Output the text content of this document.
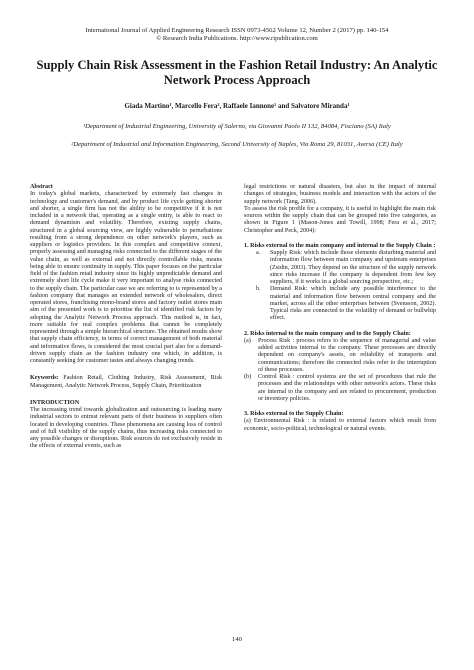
International Journal of Applied Engineering Research ISSN 0973-4562 Volume 12, Number 2 (2017) pp. 140-154
© Research India Publications. http://www.ripublication.com
Supply Chain Risk Assessment in the Fashion Retail Industry: An Analytic Network Process Approach
Giada Martino¹, Marcello Fera², Raffaele Iannone¹ and Salvatore Miranda¹
¹Department of Industrial Engineering, University of Salerno, via Giovanni Paolo II 132, 84084, Fisciano (SA) Italy
²Department of Industrial and Information Engineering, Second University of Naples, Via Roma 29, 81031, Aversa (CE) Italy

Abstract

In today's global markets, characterized by extremely fast changes in technology and customer's demand, and by product life cycle getting shorter and shorter, a single firm has not the ability to be competitive if it is not included in a network that, operating as a single entity, is able to react to demand dynamism and volatility. Therefore, existing supply chains, structured in a global sourcing view, are highly vulnerable to perturbations resulting from a strong dependence on other network's players, such as suppliers or logistics providers. In this complex and competitive context, properly assessing and managing risks connected to the different stages of the value chain, as well as external and not directly controllable risks, means being able to ensure continuity in supply. This paper focuses on the particular field of the fashion retail industry since its highly unpredictable demand and extremely short life cycle make it very important to analyse risks connected to the supply chain. The particular case we are referring to is represented by a fashion company that manages an extended network of wholesalers, direct operated stores, franchising mono-brand stores and factory outlet stores main aim of the presented work is to prioritise the list of identified risk factors by adopting the Analytic Network Process approach. This method is, in fact, more suitable for real complex problems that cannot be completely represented through a simple hierarchical structure. The obtained results show that supply chain efficiency, in terms of correct management of both material and informative flows, is considered the most crucial part also for a demand-driven supply chain as the fashion industry one which, in addition, is constantly seeking for customer tastes and always changing trends.

Keywords: Fashion Retail, Clothing Industry, Risk Assessment, Risk Management, Analytic Network Process, Supply Chain, Prioritization

INTRODUCTION

The increasing trend towards globalization and outsourcing is leading many industrial sectors to entrust relevant parts of their business to suppliers often located in developing countries. These phenomena are causing loss of control and of full visibility of the supply chains, thus increasing risks connected to any possible changes or disruptions. Risk sources do not exclusively reside in the effects of external events, such as

legal restrictions or natural disasters, but also in the impact of internal changes of strategies, business models and interaction with the actors of the supply network (Tang, 2006).

To assess the risk profile for a company, it is useful to highlight the main risk sources within the supply chain that can be grouped into five categories, as shown in Figure 1 (Mason-Jones and Towill, 1998; Fera et al., 2017; Christopher and Peck, 2004):

1. Risks external to the main company and internal to the Supply Chain :

a.	Supply Risk: which include those elements disturbing material and information flow between main company and upstream enterprises (Zsidin, 2003). They depend on the structure of the supply network since risks increase if the company is dependent from few key suppliers, if it works in a global sourcing perspective, etc.;
b.	Demand Risk: which include any possible interference to the material and information flow between central company and the market, across all the other enterprises between (Svensson, 2002). Typical risks are connected to the volatility of demand or bullwhip effect.

2. Risks internal to the main company and to the Supply Chain:

(a)	Process Risk : process refers to the sequence of managerial and value added activities internal to the company. These processes are directly dependent on company's assets, on reliability of transports and communications; therefore the connected risks refer to the interruption of these processes.
(b)	Control Risk : control systems are the set of procedures that rule the processes and the relationships with other network's actors. These risks are internal to the company and are related to procurement, production or inventory policies.

3. Risks external to the Supply Chain:

(a) Environmental Risk : is related to external factors which result from economic, socio-political, technological or natural events.

140
